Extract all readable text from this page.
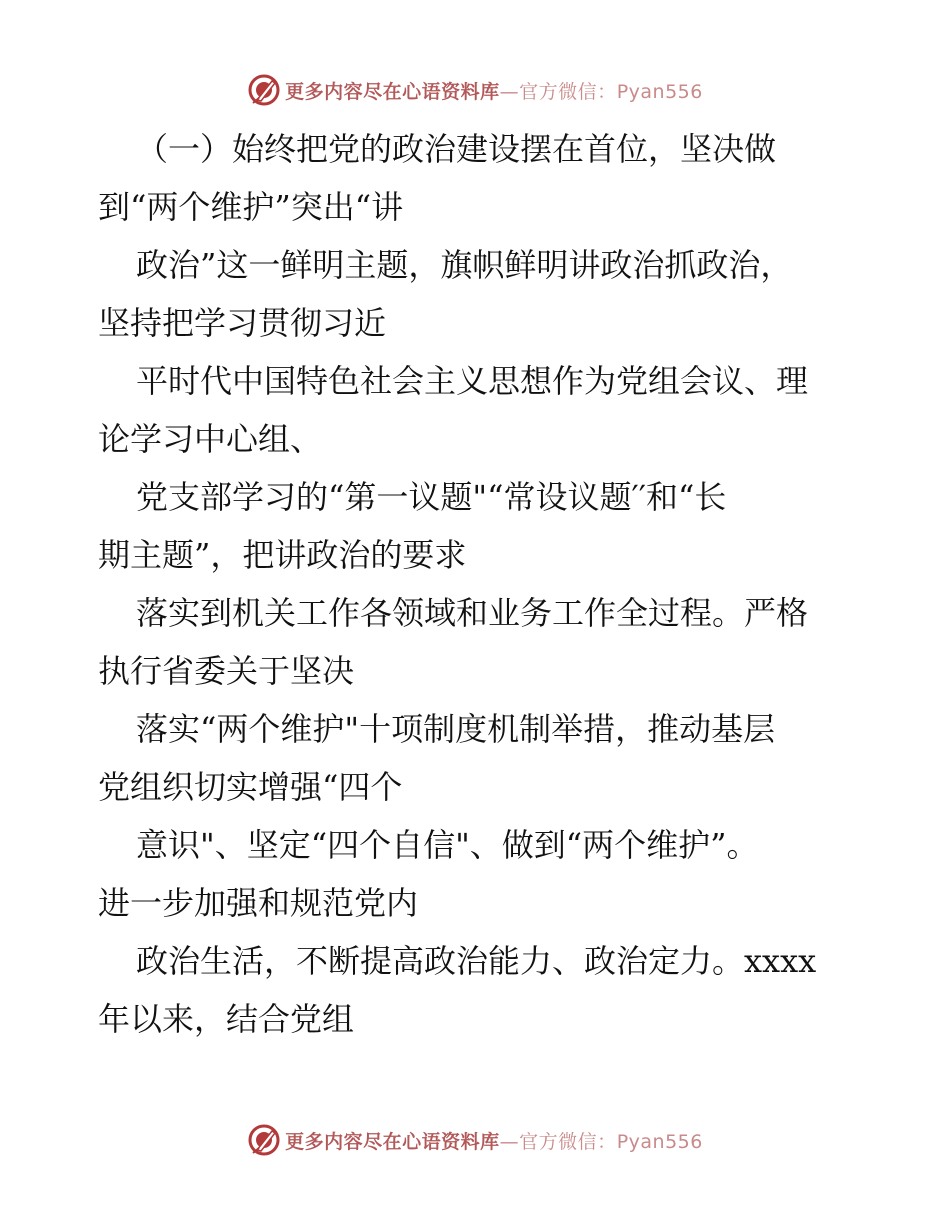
更多内容尽在心语资料库—官方微信：Pyan556
（一）始终把党的政治建设摆在首位，坚决做
到“两个维护”突出“讲
政治”这一鲜明主题，旗帜鲜明讲政治抓政治，
坚持把学习贯彻习近
平时代中国特色社会主义思想作为党组会议、理
论学习中心组、
党支部学习的“第一议题"“常设议题′′和“长
期主题”，把讲政治的要求
落实到机关工作各领域和业务工作全过程。严格
执行省委关于坚决
落实“两个维护"十项制度机制举措，推动基层
党组织切实增强“四个
意识"、坚定“四个自信"、做到“两个维护”。
进一步加强和规范党内
政治生活，不断提高政治能力、政治定力。xxxx
年以来，结合党组
更多内容尽在心语资料库—官方微信：Pyan556
